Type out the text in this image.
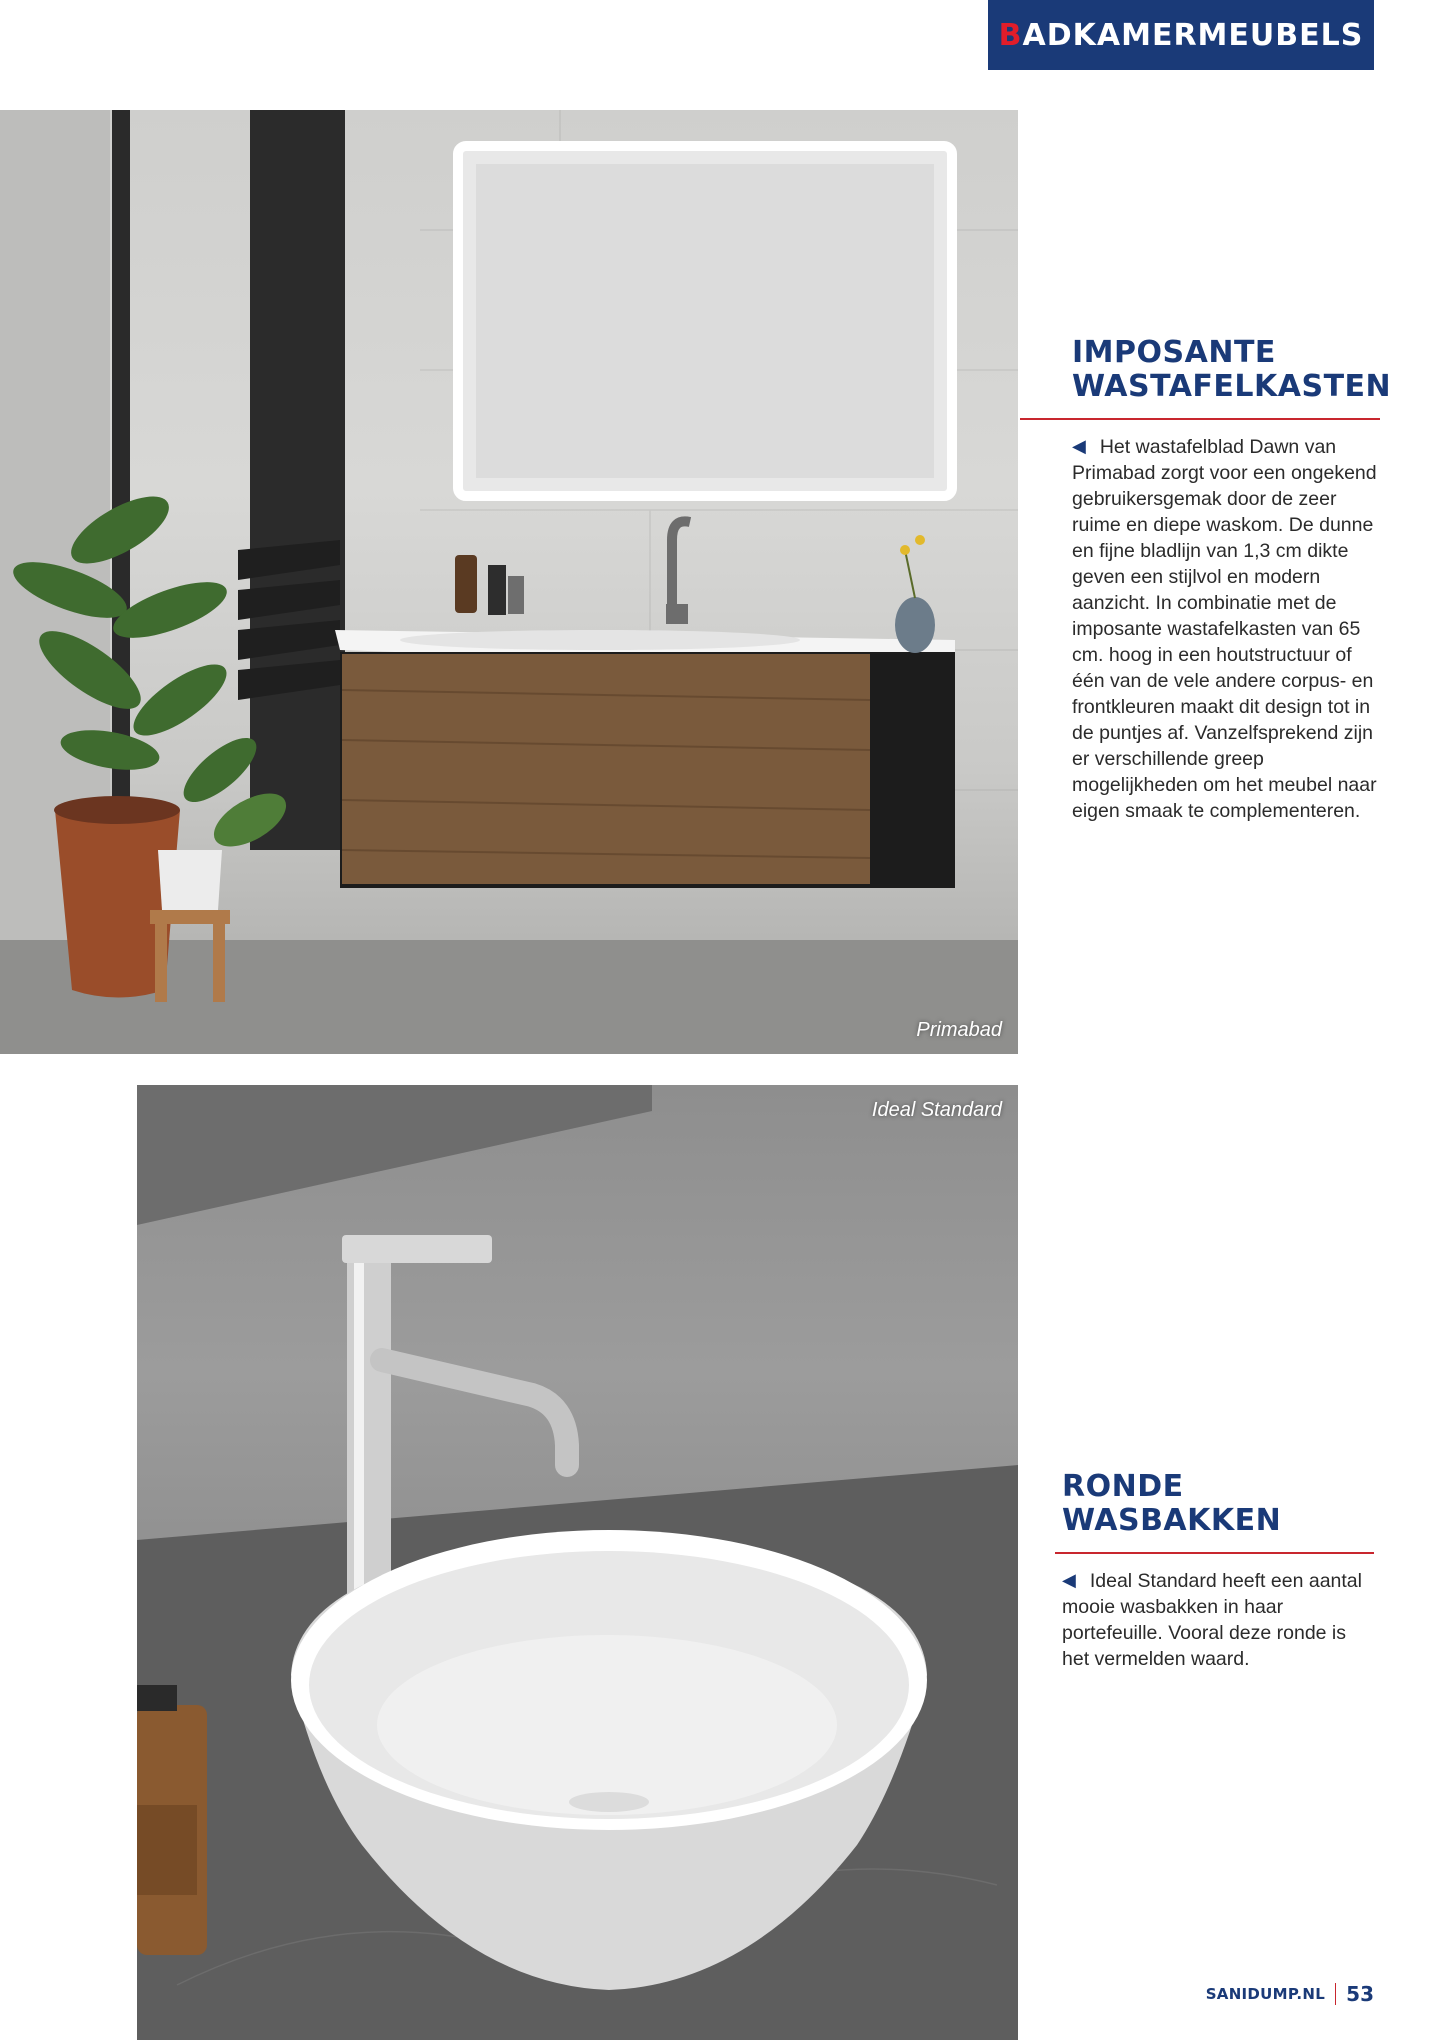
B ADKAMERMEUBELS
Primabad
IMPOSANTE
WASTAFELKASTEN

◀ Het wastafelblad Dawn van Primabad zorgt voor een ongekend gebruikersgemak door de zeer ruime en diepe waskom. De dunne en fijne bladlijn van 1,3 cm dikte geven een stijlvol en modern aanzicht. In combinatie met de imposante wastafelkasten van 65 cm. hoog in een houtstructuur of één van de vele andere corpus- en frontkleuren maakt dit design tot in de puntjes af. Vanzelfsprekend zijn er verschillende greep mogelijkheden om het meubel naar eigen smaak te complementeren.

Ideal Standard
RONDE WASBAKKEN

◀ Ideal Standard heeft een aantal mooie wasbakken in haar portefeuille. Vooral deze ronde is het vermelden waard.

SANIDUMP.NL 53
